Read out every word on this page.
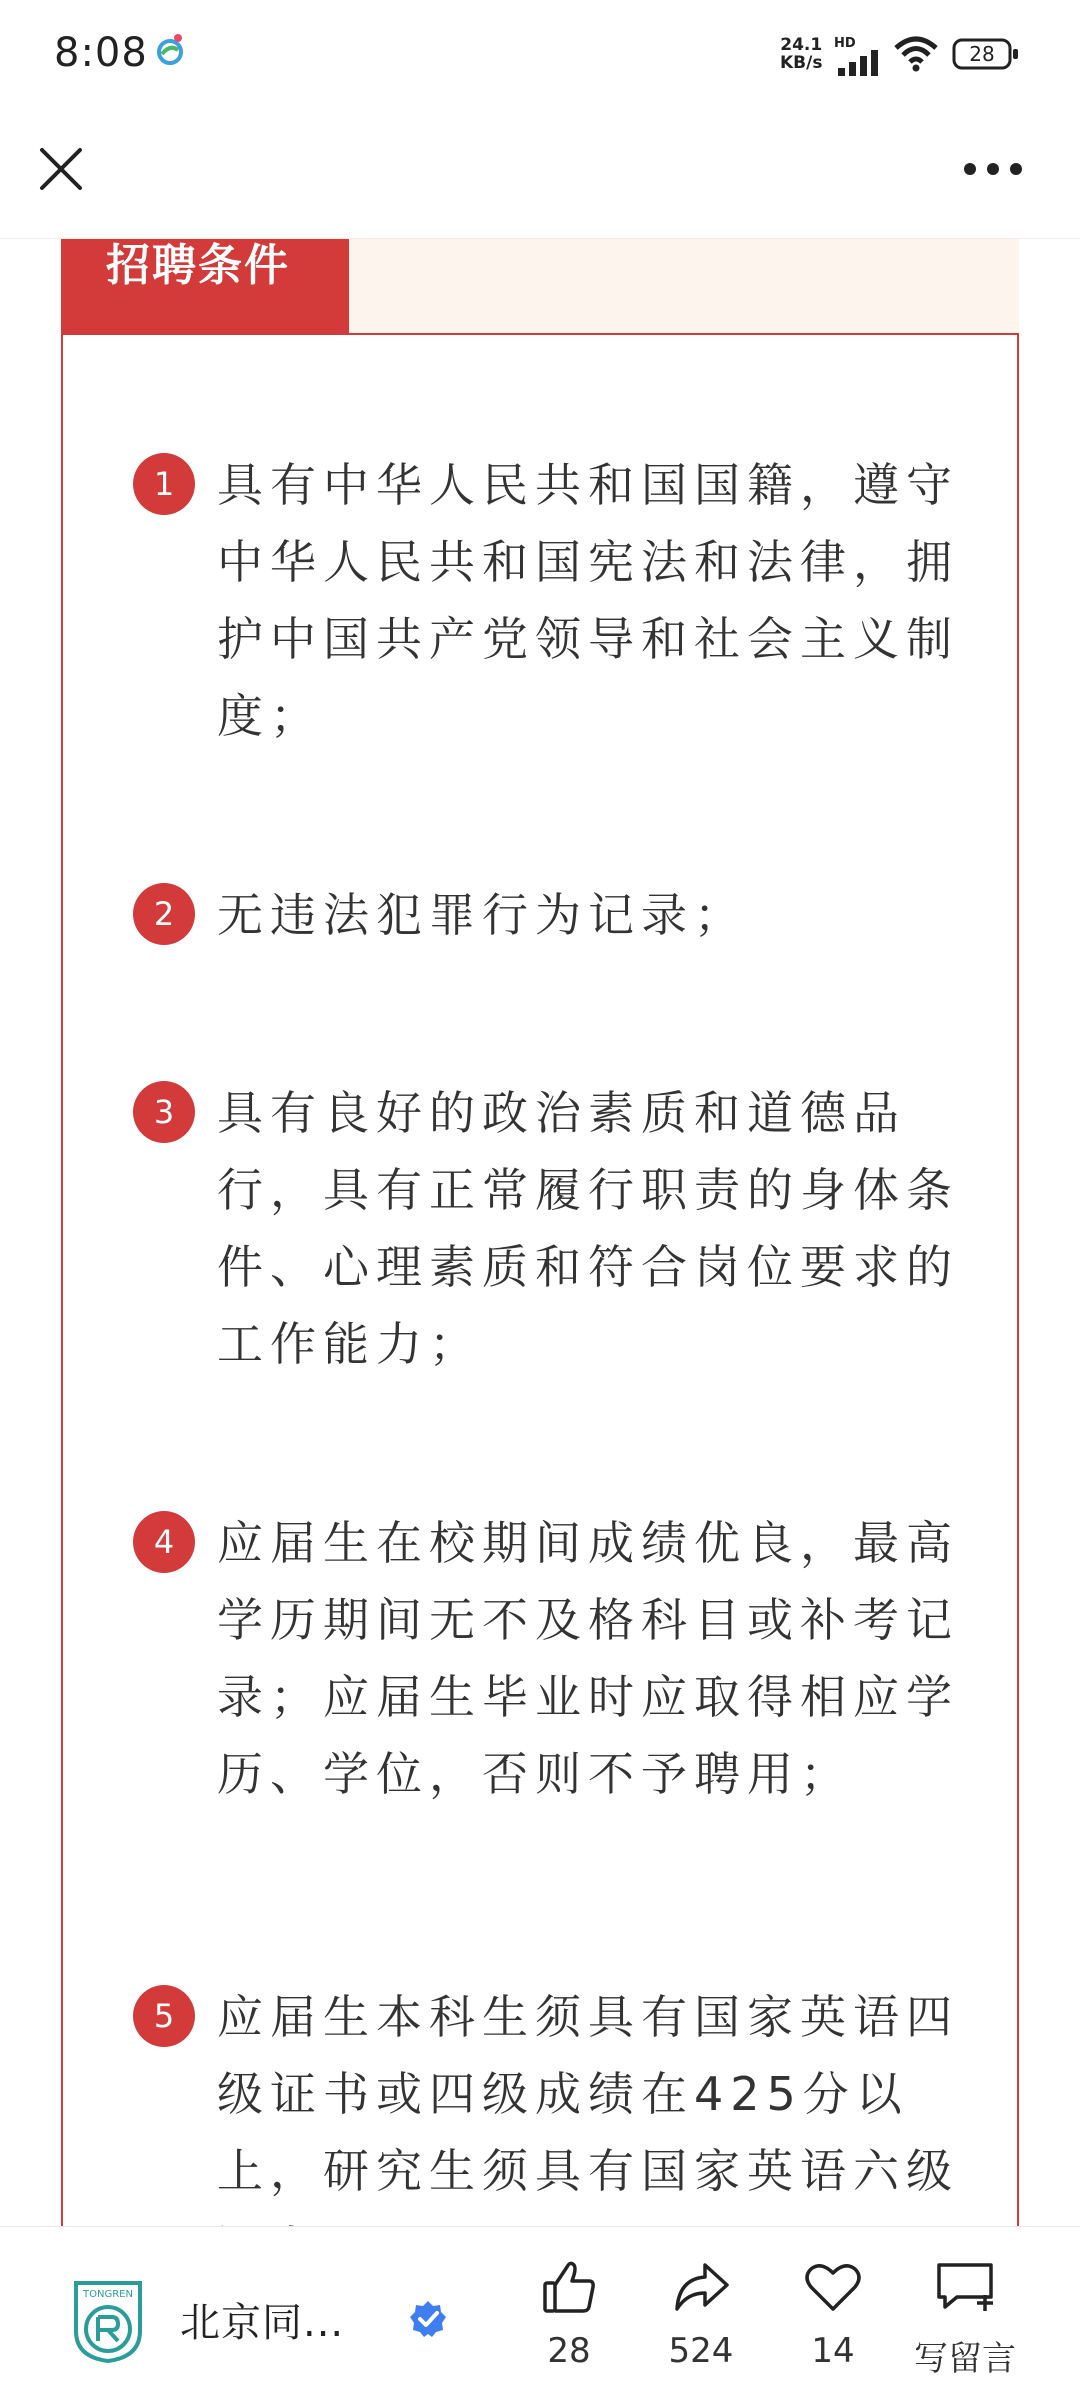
8:08	24.1
KB/s
HD	28
招聘条件
1 具有中华人民共和国国籍，遵守中华人民共和国宪法和法律，拥护中国共产党领导和社会主义制度；

2 无违法犯罪行为记录；

3 具有良好的政治素质和道德品行，具有正常履行职责的身体条件、心理素质和符合岗位要求的工作能力；

4 应届生在校期间成绩优良，最高学历期间无不及格科目或补考记录；应届生毕业时应取得相应学历、学位，否则不予聘用；

5 应届生本科生须具有国家英语四级证书或四级成绩在425分以上，研究生须具有国家英语六级

TONGREN
北京同...
28	524	14	写留言
